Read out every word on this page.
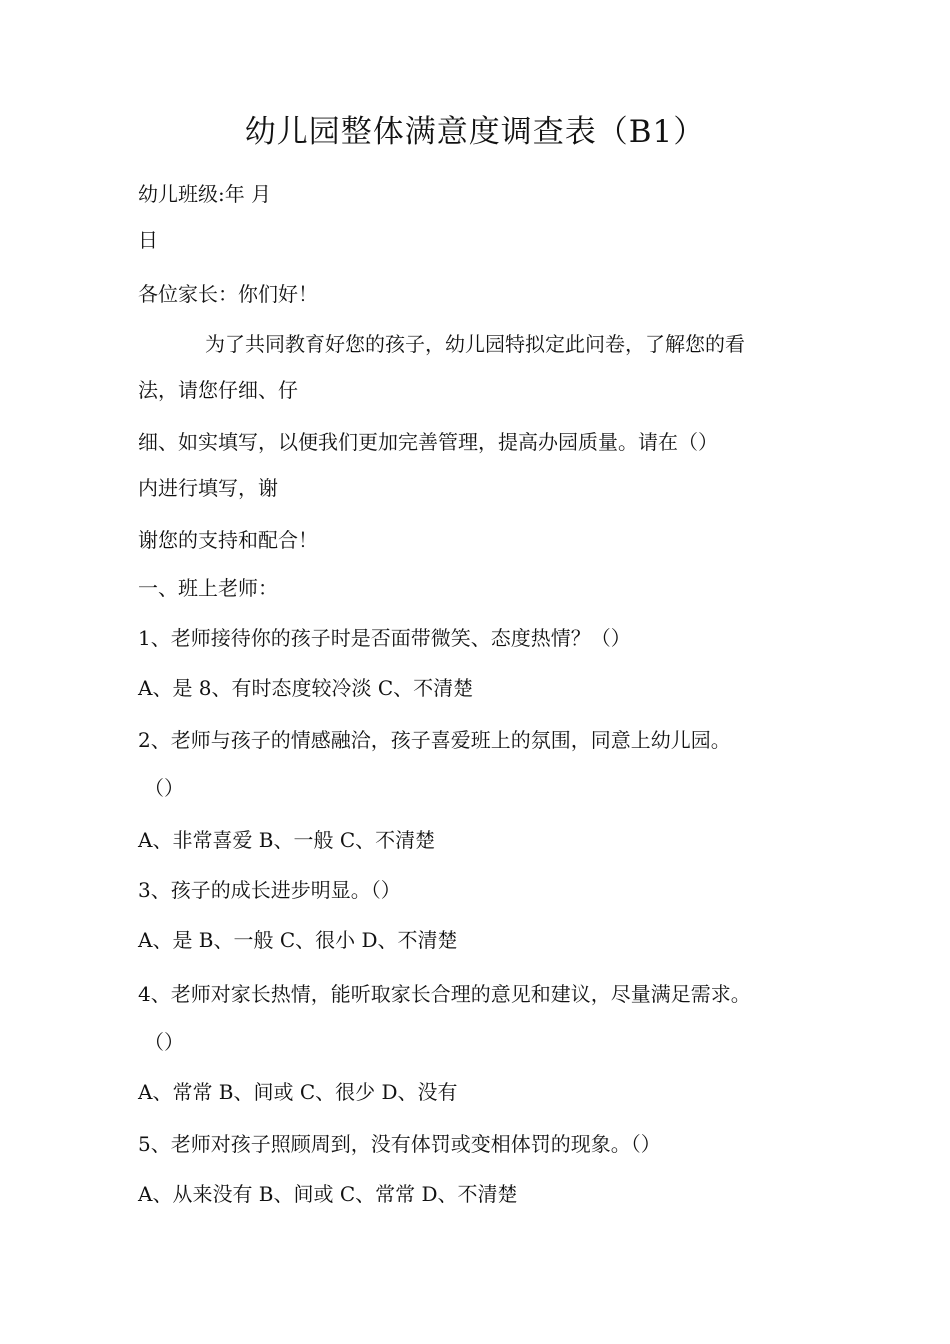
幼儿园整体满意度调查表（B1）
幼儿班级:年 月
日
各位家长：你们好！
为了共同教育好您的孩子，幼儿园特拟定此问卷，了解您的看
法，请您仔细、仔
细、如实填写，以便我们更加完善管理，提高办园质量。请在（）
内进行填写，谢
谢您的支持和配合！
一、班上老师：
1、老师接待你的孩子时是否面带微笑、态度热情？（）
A、是 8、有时态度较冷淡 C、不清楚
2、老师与孩子的情感融洽，孩子喜爱班上的氛围，同意上幼儿园。
（）
A、非常喜爱 B、一般 C、不清楚
3、孩子的成长进步明显。（）
A、是 B、一般 C、很小 D、不清楚
4、老师对家长热情，能听取家长合理的意见和建议，尽量满足需求。
（）
A、常常 B、间或 C、很少 D、没有
5、老师对孩子照顾周到，没有体罚或变相体罚的现象。（）
A、从来没有 B、间或 C、常常 D、不清楚
